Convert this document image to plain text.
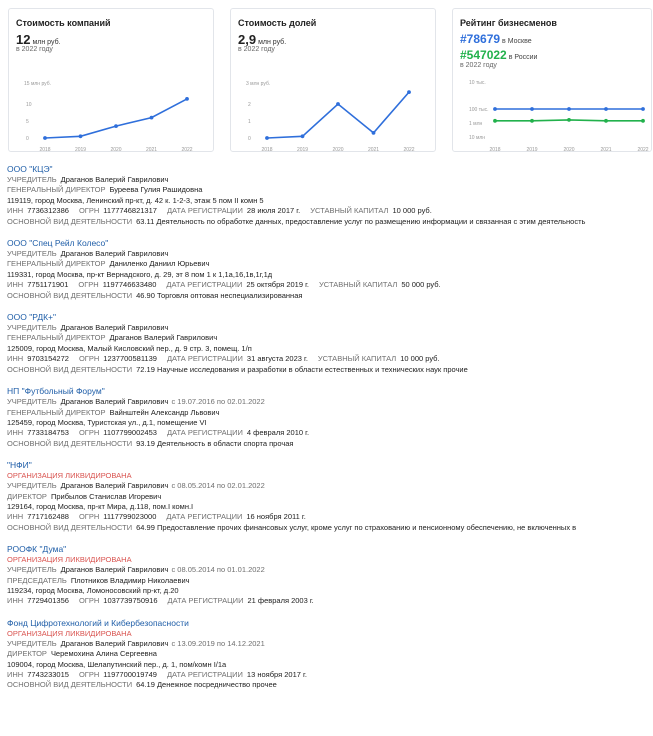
Стоимость компаний
12 млн руб.
в 2022 году
15 млн руб.
10
5
0
2018	2019	2020	2021	2022
Стоимость долей
2,9 млн руб.
в 2022 году
3 млн руб.
2
1
0
2018	2019	2020	2021	2022
Рейтинг бизнесменов
#78679 в Москве
#547022 в России
в 2022 году
10 тыс.
100 тыс.
1 млн
10 млн
2018	2019	2020	2021	2022
ООО "КЦЭ"
УЧРЕДИТЕЛЬ Драганов Валерий Гаврилович
ГЕНЕРАЛЬНЫЙ ДИРЕКТОР Буреева Гулия Рашидовна
119119, город Москва, Ленинский пр-кт, д. 42 к. 1-2-3, этаж 5 пом II комн 5
ИНН 7736312386 ОГРН 1177746821317 ДАТА РЕГИСТРАЦИИ 28 июля 2017 г. УСТАВНЫЙ КАПИТАЛ 10 000 руб.
ОСНОВНОЙ ВИД ДЕЯТЕЛЬНОСТИ 63.11 Деятельность по обработке данных, предоставление услуг по размещению информации и связанная с этим деятельность
ООО "Спец Рейл Колесо"
УЧРЕДИТЕЛЬ Драганов Валерий Гаврилович
ГЕНЕРАЛЬНЫЙ ДИРЕКТОР Даниленко Даниил Юрьевич
119331, город Москва, пр-кт Вернадского, д. 29, эт 8 пом 1 к 1,1а,16,1в,1г,1д
ИНН 7751171901 ОГРН 1197746633480 ДАТА РЕГИСТРАЦИИ 25 октября 2019 г. УСТАВНЫЙ КАПИТАЛ 50 000 руб.
ОСНОВНОЙ ВИД ДЕЯТЕЛЬНОСТИ 46.90 Торговля оптовая неспециализированная
ООО "РДК+"
УЧРЕДИТЕЛЬ Драганов Валерий Гаврилович
ГЕНЕРАЛЬНЫЙ ДИРЕКТОР Драганов Валерий Гаврилович
125009, город Москва, Малый Кисловский пер., д. 9 стр. 3, помещ. 1/п
ИНН 9703154272 ОГРН 1237700581139 ДАТА РЕГИСТРАЦИИ 31 августа 2023 г. УСТАВНЫЙ КАПИТАЛ 10 000 руб.
ОСНОВНОЙ ВИД ДЕЯТЕЛЬНОСТИ 72.19 Научные исследования и разработки в области естественных и технических наук прочие
НП "Футбольный Форум"
УЧРЕДИТЕЛЬ Драганов Валерий Гаврилович с 19.07.2016 по 02.01.2022
ГЕНЕРАЛЬНЫЙ ДИРЕКТОР Вайнштейн Александр Львович
125459, город Москва, Туристская ул., д.1, помещение VI
ИНН 7733184753 ОГРН 1107799002453 ДАТА РЕГИСТРАЦИИ 4 февраля 2010 г.
ОСНОВНОЙ ВИД ДЕЯТЕЛЬНОСТИ 93.19 Деятельность в области спорта прочая
"НФИ"
ОРГАНИЗАЦИЯ ЛИКВИДИРОВАНА
УЧРЕДИТЕЛЬ Драганов Валерий Гаврилович с 08.05.2014 по 02.01.2022
ДИРЕКТОР Прибылов Станислав Игоревич
129164, город Москва, пр-кт Мира, д.118, пом.I комн.I
ИНН 7717162488 ОГРН 1117799023000 ДАТА РЕГИСТРАЦИИ 16 ноября 2011 г.
ОСНОВНОЙ ВИД ДЕЯТЕЛЬНОСТИ 64.99 Предоставление прочих финансовых услуг, кроме услуг по страхованию и пенсионному обеспечению, не включенных в
РООФК "Дума"
ОРГАНИЗАЦИЯ ЛИКВИДИРОВАНА
УЧРЕДИТЕЛЬ Драганов Валерий Гаврилович с 08.05.2014 по 01.01.2022
ПРЕДСЕДАТЕЛЬ Плотников Владимир Николаевич
119234, город Москва, Ломоносовский пр-кт, д.20
ИНН 7729401356 ОГРН 1037739750916 ДАТА РЕГИСТРАЦИИ 21 февраля 2003 г.
Фонд Цифротехнологий и Кибербезопасности
ОРГАНИЗАЦИЯ ЛИКВИДИРОВАНА
УЧРЕДИТЕЛЬ Драганов Валерий Гаврилович с 13.09.2019 по 14.12.2021
ДИРЕКТОР Черемохина Алина Сергеевна
109004, город Москва, Шелапутинский пер., д. 1, пом/комн I/1а
ИНН 7743233015 ОГРН 1197700019749 ДАТА РЕГИСТРАЦИИ 13 ноября 2017 г.
ОСНОВНОЙ ВИД ДЕЯТЕЛЬНОСТИ 64.19 Денежное посредничество прочее
